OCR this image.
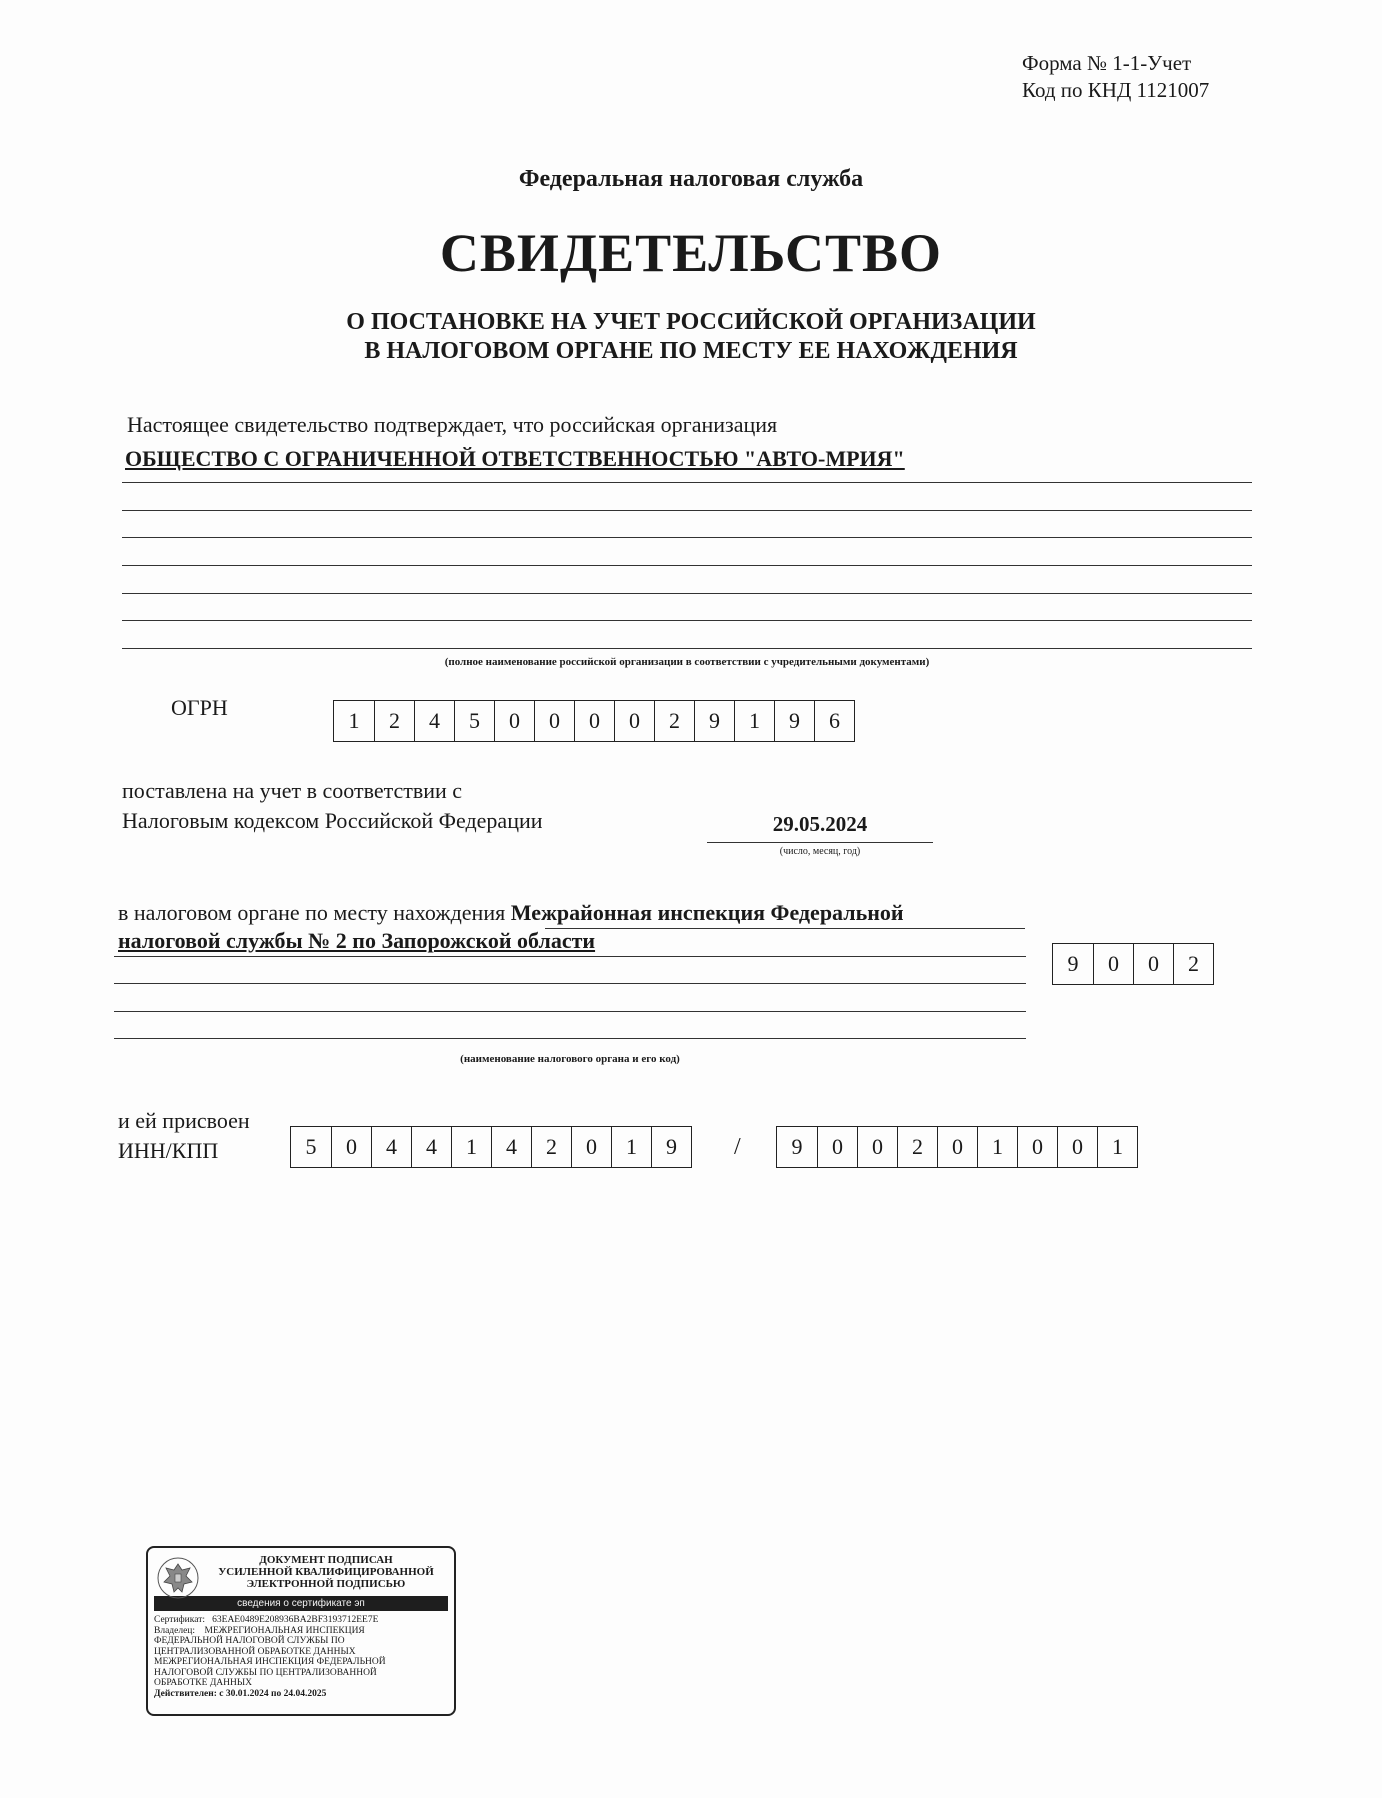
Форма № 1-1-Учет
Код по КНД 1121007
Федеральная налоговая служба
СВИДЕТЕЛЬСТВО
О ПОСТАНОВКЕ НА УЧЕТ РОССИЙСКОЙ ОРГАНИЗАЦИИ
В НАЛОГОВОМ ОРГАНЕ ПО МЕСТУ ЕЕ НАХОЖДЕНИЯ
Настоящее свидетельство подтверждает, что российская организация
ОБЩЕСТВО С ОГРАНИЧЕННОЙ ОТВЕТСТВЕННОСТЬЮ "АВТО-МРИЯ"
(полное наименование российской организации в соответствии с учредительными документами)
ОГРН
1	2	4	5	0	0	0	0	2	9	1	9	6
поставлена на учет в соответствии с
Налоговым кодексом Российской Федерации	29.05.2024
(число, месяц, год)
в налоговом органе по месту нахождения Межрайонная инспекция Федеральной
налоговой службы № 2 по Запорожской области
9	0	0	2
(наименование налогового органа и его код)
и ей присвоен
ИНН/КПП	5	0	4	4	1	4	2	0	1	9	/	9	0	0	2	0	1	0	0	1
ДОКУМЕНТ ПОДПИСАН
УСИЛЕННОЙ КВАЛИФИЦИРОВАННОЙ
ЭЛЕКТРОННОЙ ПОДПИСЬЮ
сведения о сертификате эп
Сертификат: 63EAE0489E208936BA2BF3193712EE7E
Владелец: МЕЖРЕГИОНАЛЬНАЯ ИНСПЕКЦИЯ
ФЕДЕРАЛЬНОЙ НАЛОГОВОЙ СЛУЖБЫ ПО
ЦЕНТРАЛИЗОВАННОЙ ОБРАБОТКЕ ДАННЫХ
МЕЖРЕГИОНАЛЬНАЯ ИНСПЕКЦИЯ ФЕДЕРАЛЬНОЙ
НАЛОГОВОЙ СЛУЖБЫ ПО ЦЕНТРАЛИЗОВАННОЙ
ОБРАБОТКЕ ДАННЫХ
Действителен: с 30.01.2024 по 24.04.2025
